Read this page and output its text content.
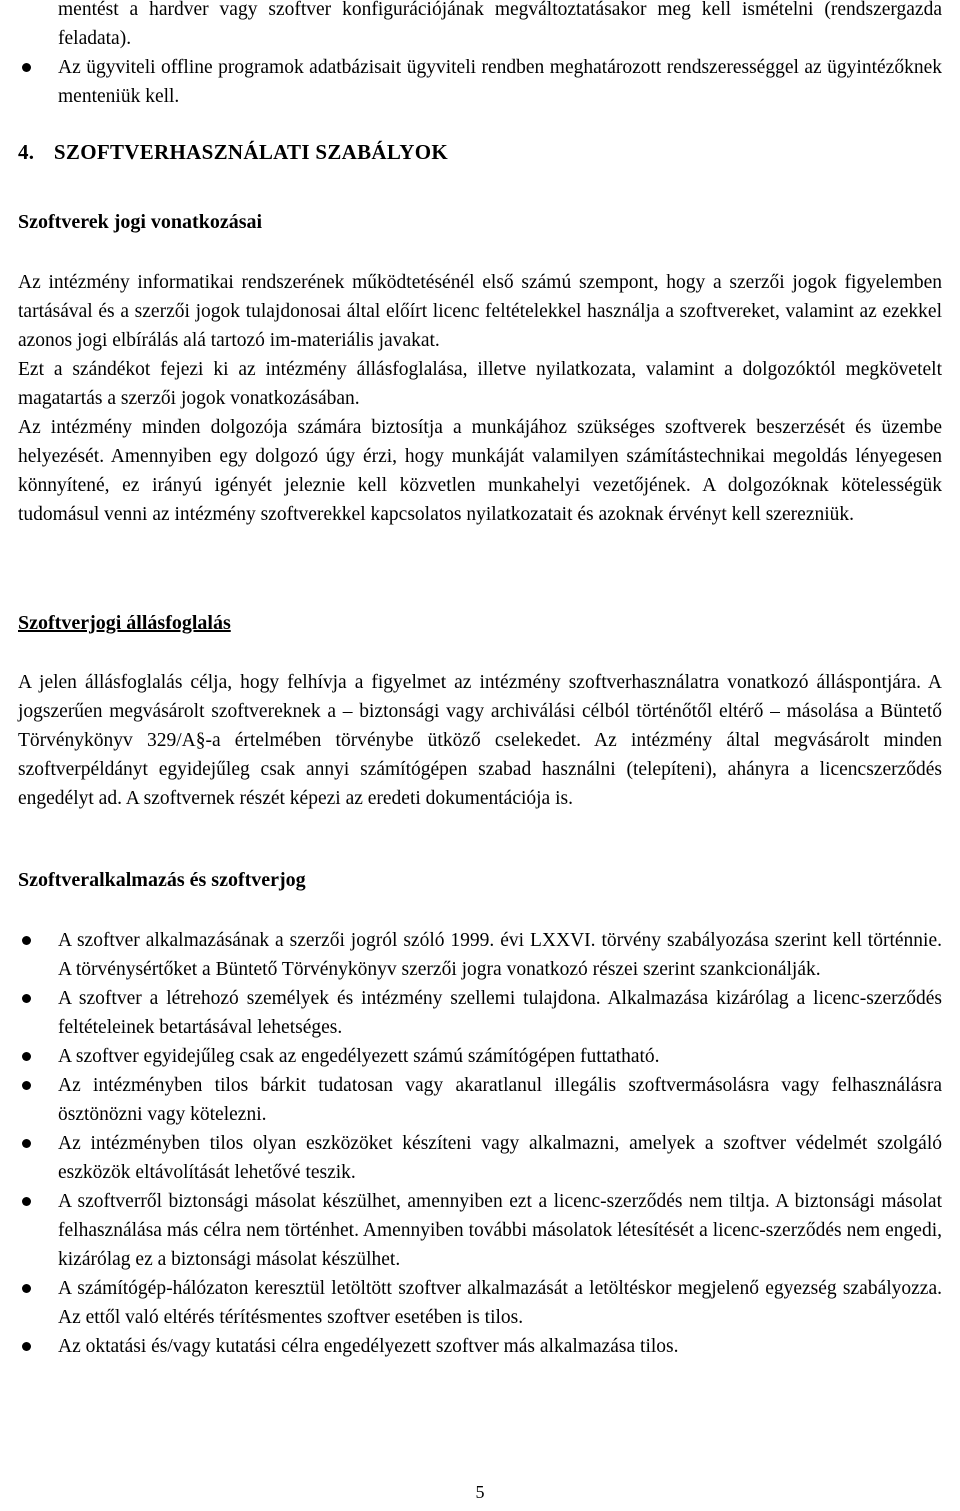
mentést a hardver vagy szoftver konfigurációjának megváltoztatásakor meg kell ismételni (rendszergazda feladata).
Az ügyviteli offline programok adatbázisait ügyviteli rendben meghatározott rendszerességgel az ügyintézőknek menteniük kell.
4. SZOFTVERHASZNÁLATI SZABÁLYOK
Szoftverek jogi vonatkozásai

Az intézmény informatikai rendszerének működtetésénél első számú szempont, hogy a szerzői jogok figyelemben tartásával és a szerzői jogok tulajdonosai által előírt licenc feltételekkel használja a szoftvereket, valamint az ezekkel azonos jogi elbírálás alá tartozó im-materiális javakat.

Ezt a szándékot fejezi ki az intézmény állásfoglalása, illetve nyilatkozata, valamint a dolgozóktól megkövetelt magatartás a szerzői jogok vonatkozásában.

Az intézmény minden dolgozója számára biztosítja a munkájához szükséges szoftverek beszerzését és üzembe helyezését. Amennyiben egy dolgozó úgy érzi, hogy munkáját valamilyen számítástechnikai megoldás lényegesen könnyítené, ez irányú igényét jeleznie kell közvetlen munkahelyi vezetőjének. A dolgozóknak kötelességük tudomásul venni az intézmény szoftverekkel kapcsolatos nyilatkozatait és azoknak érvényt kell szerezniük.

Szoftverjogi állásfoglalás

A jelen állásfoglalás célja, hogy felhívja a figyelmet az intézmény szoftverhasználatra vonatkozó álláspontjára. A jogszerűen megvásárolt szoftvereknek a – biztonsági vagy archiválási célból történőtől eltérő – másolása a Büntető Törvénykönyv 329/A§-a értelmében törvénybe ütköző cselekedet. Az intézmény által megvásárolt minden szoftverpéldányt egyidejűleg csak annyi számítógépen szabad használni (telepíteni), ahányra a licencszerződés engedélyt ad. A szoftvernek részét képezi az eredeti dokumentációja is.

Szoftveralkalmazás és szoftverjog
A szoftver alkalmazásának a szerzői jogról szóló 1999. évi LXXVI. törvény szabályozása szerint kell történnie. A törvénysértőket a Büntető Törvénykönyv szerzői jogra vonatkozó részei szerint szankcionálják.
A szoftver a létrehozó személyek és intézmény szellemi tulajdona. Alkalmazása kizárólag a licenc-szerződés feltételeinek betartásával lehetséges.
A szoftver egyidejűleg csak az engedélyezett számú számítógépen futtatható.
Az intézményben tilos bárkit tudatosan vagy akaratlanul illegális szoftvermásolásra vagy felhasználásra ösztönözni vagy kötelezni.
Az intézményben tilos olyan eszközöket készíteni vagy alkalmazni, amelyek a szoftver védelmét szolgáló eszközök eltávolítását lehetővé teszik.
A szoftverről biztonsági másolat készülhet, amennyiben ezt a licenc-szerződés nem tiltja. A biztonsági másolat felhasználása más célra nem történhet. Amennyiben további másolatok létesítését a licenc-szerződés nem engedi, kizárólag ez a biztonsági másolat készülhet.
A számítógép-hálózaton keresztül letöltött szoftver alkalmazását a letöltéskor megjelenő egyezség szabályozza. Az ettől való eltérés térítésmentes szoftver esetében is tilos.
Az oktatási és/vagy kutatási célra engedélyezett szoftver más alkalmazása tilos.
5
